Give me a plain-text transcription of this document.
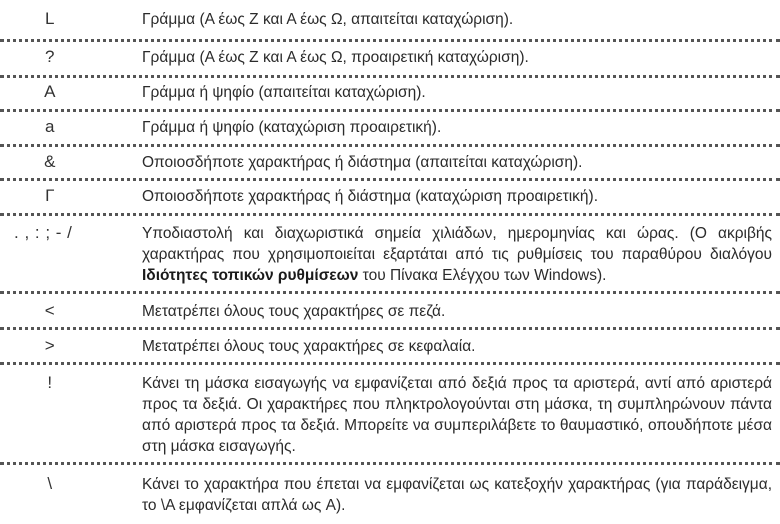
L	Γράμμα (Α έως Ζ και Α έως Ω, απαιτείται καταχώριση).
?	Γράμμα (Α έως Ζ και Α έως Ω, προαιρετική καταχώριση).
A	Γράμμα ή ψηφίο (απαιτείται καταχώριση).
a	Γράμμα ή ψηφίο (καταχώριση προαιρετική).
&	Οποιοσδήποτε χαρακτήρας ή διάστημα (απαιτείται καταχώριση).
Γ	Οποιοσδήποτε χαρακτήρας ή διάστημα (καταχώριση προαιρετική).
. , : ; - /	Υποδιαστολή και διαχωριστικά σημεία χιλιάδων, ημερομηνίας και ώρας. (Ο ακριβής χαρακτήρας που χρησιμοποιείται εξαρτάται από τις ρυθμίσεις του παραθύρου διαλόγου Ιδιότητες τοπικών ρυθμίσεων του Πίνακα Ελέγχου των Windows).
<	Μετατρέπει όλους τους χαρακτήρες σε πεζά.
>	Μετατρέπει όλους τους χαρακτήρες σε κεφαλαία.
!	Κάνει τη μάσκα εισαγωγής να εμφανίζεται από δεξιά προς τα αριστερά, αντί από αριστερά προς τα δεξιά. Οι χαρακτήρες που πληκτρολογούνται στη μάσκα, τη συμπληρώνουν πάντα από αριστερά προς τα δεξιά. Μπορείτε να συμπεριλάβετε το θαυμαστικό, οπουδήποτε μέσα στη μάσκα εισαγωγής.
\	Κάνει το χαρακτήρα που έπεται να εμφανίζεται ως κατεξοχήν χαρακτήρας (για παράδειγμα, το \A εμφανίζεται απλά ως A).
